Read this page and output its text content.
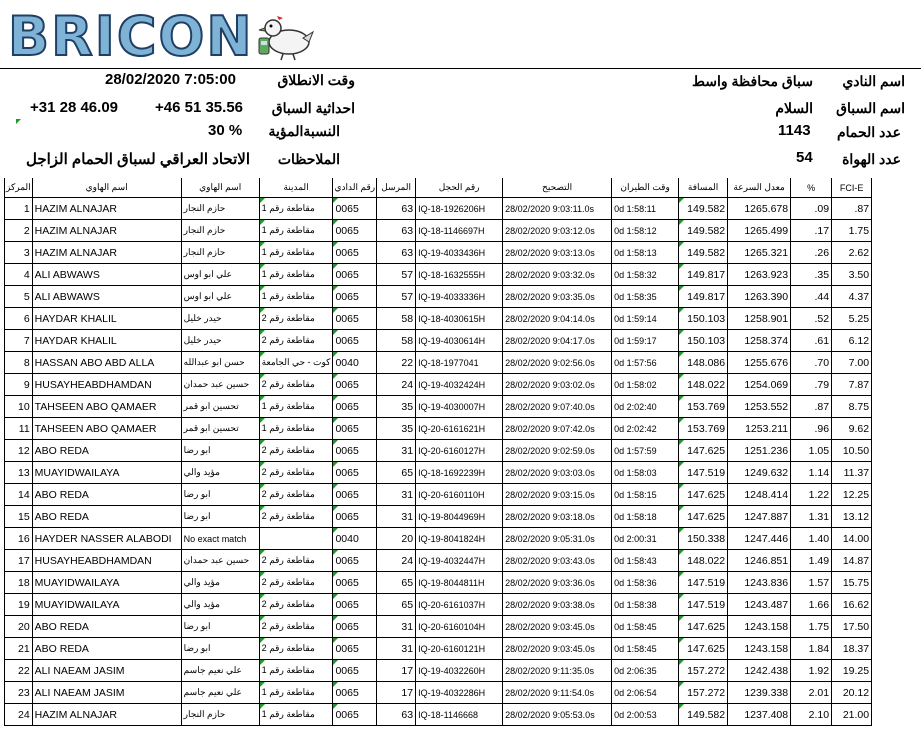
BRICON
اسم النادي
سباق محافظة واسط
اسم السباق
السلام
عدد الحمام
1143
عدد الهواة
54
وقت الانطلاق
28/02/2020 7:05:00
احداثية السباق
+31 28 46.09 +46 51 35.56
النسبةالمؤية
30 %
الملاحظات
الاتحاد العراقي لسباق الحمام الزاجل
المركز	اسم الهاوي	اسم الهاوي	المدينة	رقم الدادي	المرسل	رقم الحجل	التصحيح	وقت الطيران	المسافة	معدل السرعة	%	FCI-E
1	HAZIM ALNAJAR	حازم النجار	مقاطعة رقم 1	0065	63	IQ-18-1926206H	28/02/2020 9:03:11.0s	0d 1:58:11	149.582	1265.678	.09	.87
2	HAZIM ALNAJAR	حازم النجار	مقاطعة رقم 1	0065	63	IQ-18-1146697H	28/02/2020 9:03:12.0s	0d 1:58:12	149.582	1265.499	.17	1.75
3	HAZIM ALNAJAR	حازم النجار	مقاطعة رقم 1	0065	63	IQ-19-4033436H	28/02/2020 9:03:13.0s	0d 1:58:13	149.582	1265.321	.26	2.62
4	ALI ABWAWS	علي ابو اوس	مقاطعة رقم 1	0065	57	IQ-18-1632555H	28/02/2020 9:03:32.0s	0d 1:58:32	149.817	1263.923	.35	3.50
5	ALI ABWAWS	علي ابو اوس	مقاطعة رقم 1	0065	57	IQ-19-4033336H	28/02/2020 9:03:35.0s	0d 1:58:35	149.817	1263.390	.44	4.37
6	HAYDAR KHALIL	حيدر خليل	مقاطعة رقم 2	0065	58	IQ-18-4030615H	28/02/2020 9:04:14.0s	0d 1:59:14	150.103	1258.901	.52	5.25
7	HAYDAR KHALIL	حيدر خليل	مقاطعة رقم 2	0065	58	IQ-19-4030614H	28/02/2020 9:04:17.0s	0d 1:59:17	150.103	1258.374	.61	6.12
8	HASSAN ABO ABD ALLA	حسن ابو عبدالله	كوت - حي الجامعة	0040	22	IQ-18-1977041	28/02/2020 9:02:56.0s	0d 1:57:56	148.086	1255.676	.70	7.00
9	HUSAYHEABDHAMDAN	حسين عبد حمدان	مقاطعة رقم 2	0065	24	IQ-19-4032424H	28/02/2020 9:03:02.0s	0d 1:58:02	148.022	1254.069	.79	7.87
10	TAHSEEN ABO QAMAER	تحسين ابو قمر	مقاطعة رقم 1	0065	35	IQ-19-4030007H	28/02/2020 9:07:40.0s	0d 2:02:40	153.769	1253.552	.87	8.75
11	TAHSEEN ABO QAMAER	تحسين ابو قمر	مقاطعة رقم 1	0065	35	IQ-20-6161621H	28/02/2020 9:07:42.0s	0d 2:02:42	153.769	1253.211	.96	9.62
12	ABO REDA	ابو رضا	مقاطعة رقم 2	0065	31	IQ-20-6160127H	28/02/2020 9:02:59.0s	0d 1:57:59	147.625	1251.236	1.05	10.50
13	MUAYIDWAILAYA	مؤيد والي	مقاطعة رقم 2	0065	65	IQ-18-1692239H	28/02/2020 9:03:03.0s	0d 1:58:03	147.519	1249.632	1.14	11.37
14	ABO REDA	ابو رضا	مقاطعة رقم 2	0065	31	IQ-20-6160110H	28/02/2020 9:03:15.0s	0d 1:58:15	147.625	1248.414	1.22	12.25
15	ABO REDA	ابو رضا	مقاطعة رقم 2	0065	31	IQ-19-8044969H	28/02/2020 9:03:18.0s	0d 1:58:18	147.625	1247.887	1.31	13.12
16	HAYDER NASSER ALABODI	No exact match		0040	20	IQ-19-8041824H	28/02/2020 9:05:31.0s	0d 2:00:31	150.338	1247.446	1.40	14.00
17	HUSAYHEABDHAMDAN	حسين عبد حمدان	مقاطعة رقم 2	0065	24	IQ-19-4032447H	28/02/2020 9:03:43.0s	0d 1:58:43	148.022	1246.851	1.49	14.87
18	MUAYIDWAILAYA	مؤيد والي	مقاطعة رقم 2	0065	65	IQ-19-8044811H	28/02/2020 9:03:36.0s	0d 1:58:36	147.519	1243.836	1.57	15.75
19	MUAYIDWAILAYA	مؤيد والي	مقاطعة رقم 2	0065	65	IQ-20-6161037H	28/02/2020 9:03:38.0s	0d 1:58:38	147.519	1243.487	1.66	16.62
20	ABO REDA	ابو رضا	مقاطعة رقم 2	0065	31	IQ-20-6160104H	28/02/2020 9:03:45.0s	0d 1:58:45	147.625	1243.158	1.75	17.50
21	ABO REDA	ابو رضا	مقاطعة رقم 2	0065	31	IQ-20-6160121H	28/02/2020 9:03:45.0s	0d 1:58:45	147.625	1243.158	1.84	18.37
22	ALI NAEAM JASIM	علي نعيم جاسم	مقاطعة رقم 1	0065	17	IQ-19-4032260H	28/02/2020 9:11:35.0s	0d 2:06:35	157.272	1242.438	1.92	19.25
23	ALI NAEAM JASIM	علي نعيم جاسم	مقاطعة رقم 1	0065	17	IQ-19-4032286H	28/02/2020 9:11:54.0s	0d 2:06:54	157.272	1239.338	2.01	20.12
24	HAZIM ALNAJAR	حازم النجار	مقاطعة رقم 1	0065	63	IQ-18-1146668	28/02/2020 9:05:53.0s	0d 2:00:53	149.582	1237.408	2.10	21.00
